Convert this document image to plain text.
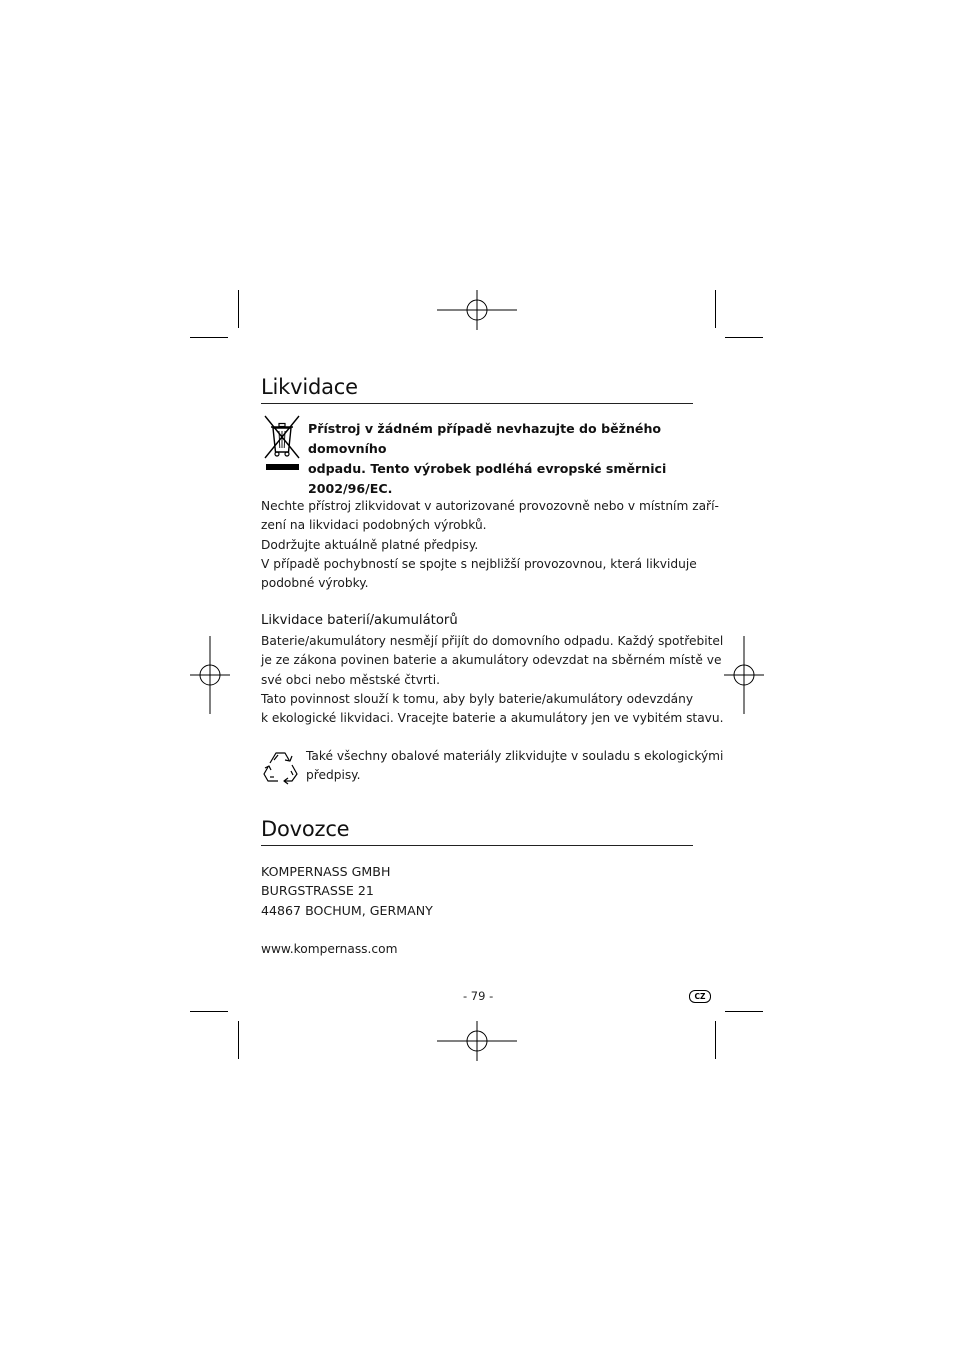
Likvidace
Přístroj v žádném případě nevhazujte do běžného domovního
odpadu. Tento výrobek podléhá evropské směrnici
2002/96/EC.
Nechte přístroj zlikvidovat v autorizované provozovně nebo v místním zaří-
zení na likvidaci podobných výrobků.
Dodržujte aktuálně platné předpisy.
V případě pochybností se spojte s nejbližší provozovnou, která likviduje
podobné výrobky.
Likvidace baterií/akumulátorů
Baterie/akumulátory nesmějí přijít do domovního odpadu. Každý spotřebitel
je ze zákona povinen baterie a akumulátory odevzdat na sběrném místě ve
své obci nebo městské čtvrti.
Tato povinnost slouží k tomu, aby byly baterie/akumulátory odevzdány
k ekologické likvidaci. Vracejte baterie a akumulátory jen ve vybitém stavu.
Také všechny obalové materiály zlikvidujte v souladu s ekologickými
předpisy.
Dovozce
KOMPERNASS GMBH
BURGSTRASSE 21
44867 BOCHUM, GERMANY
www.kompernass.com
- 79 -	CZ
